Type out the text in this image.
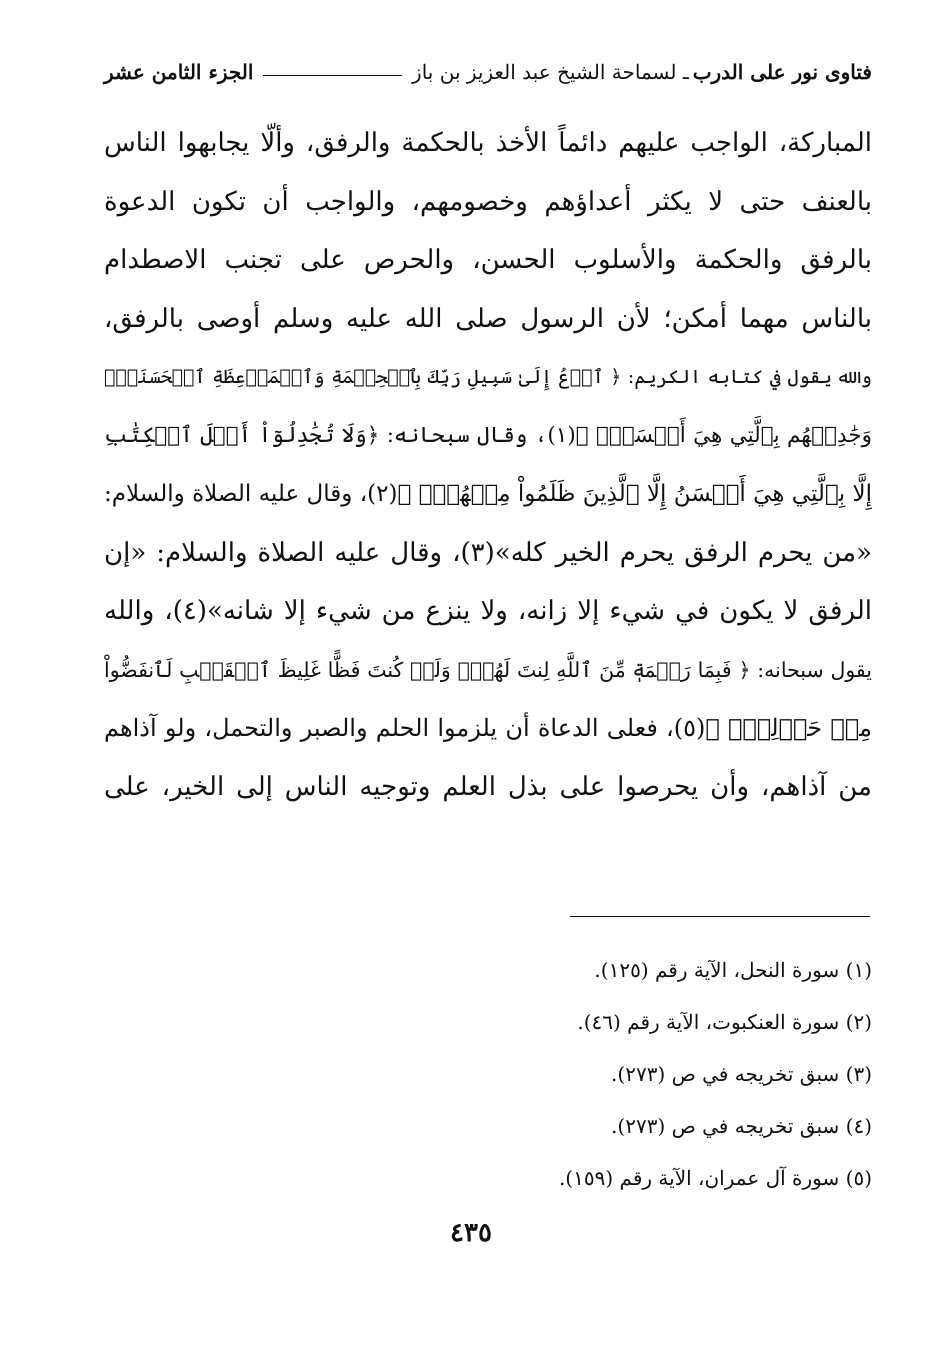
فتاوى نور على الدرب
ـ لسماحة الشيخ عبد العزيز بن باز
الجزء الثامن عشر
المباركة، الواجب عليهم دائماً الأخذ بالحكمة والرفق، وألّا يجابهوا الناس
بالعنف حتى لا يكثر أعداؤهم وخصومهم، والواجب أن تكون الدعوة
بالرفق والحكمة والأسلوب الحسن، والحرص على تجنب الاصطدام
بالناس مهما أمكن؛ لأن الرسول صلى الله عليه وسلم أوصى بالرفق،
والله يقول في كتابه الكريم: ﴿ ٱدۡعُ إِلَىٰ سَبِيلِ رَبِّكَ بِٱلۡحِكۡمَةِ وَٱلۡمَوۡعِظَةِ ٱلۡحَسَنَةِۖ
وَجَٰدِلۡهُم بِٱلَّتِي هِيَ أَحۡسَنُۚ ﴾(١)، وقال سبحانه: ﴿وَلَا تُجَٰدِلُوٓاْ أَهۡلَ ٱلۡكِتَٰبِ
إِلَّا بِٱلَّتِي هِيَ أَحۡسَنُ إِلَّا ٱلَّذِينَ ظَلَمُواْ مِنۡهُمۡۖ ﴾(٢)، وقال عليه الصلاة والسلام:
«من يحرم الرفق يحرم الخير كله»(٣)، وقال عليه الصلاة والسلام: «إن
الرفق لا يكون في شيء إلا زانه، ولا ينزع من شيء إلا شانه»(٤)، والله
يقول سبحانه: ﴿ فَبِمَا رَحۡمَةٖ مِّنَ ٱللَّهِ لِنتَ لَهُمۡۖ وَلَوۡ كُنتَ فَظًّا غَلِيظَ ٱلۡقَلۡبِ لَٱنفَضُّواْ
مِنۡ حَوۡلِكَۖ ﴾(٥)، فعلى الدعاة أن يلزموا الحلم والصبر والتحمل، ولو آذاهم
من آذاهم، وأن يحرصوا على بذل العلم وتوجيه الناس إلى الخير، على
(١) سورة النحل، الآية رقم (١٢٥).
(٢) سورة العنكبوت، الآية رقم (٤٦).
(٣) سبق تخريجه في ص (٢٧٣).
(٤) سبق تخريجه في ص (٢٧٣).
(٥) سورة آل عمران، الآية رقم (١٥٩).
٤٣٥
